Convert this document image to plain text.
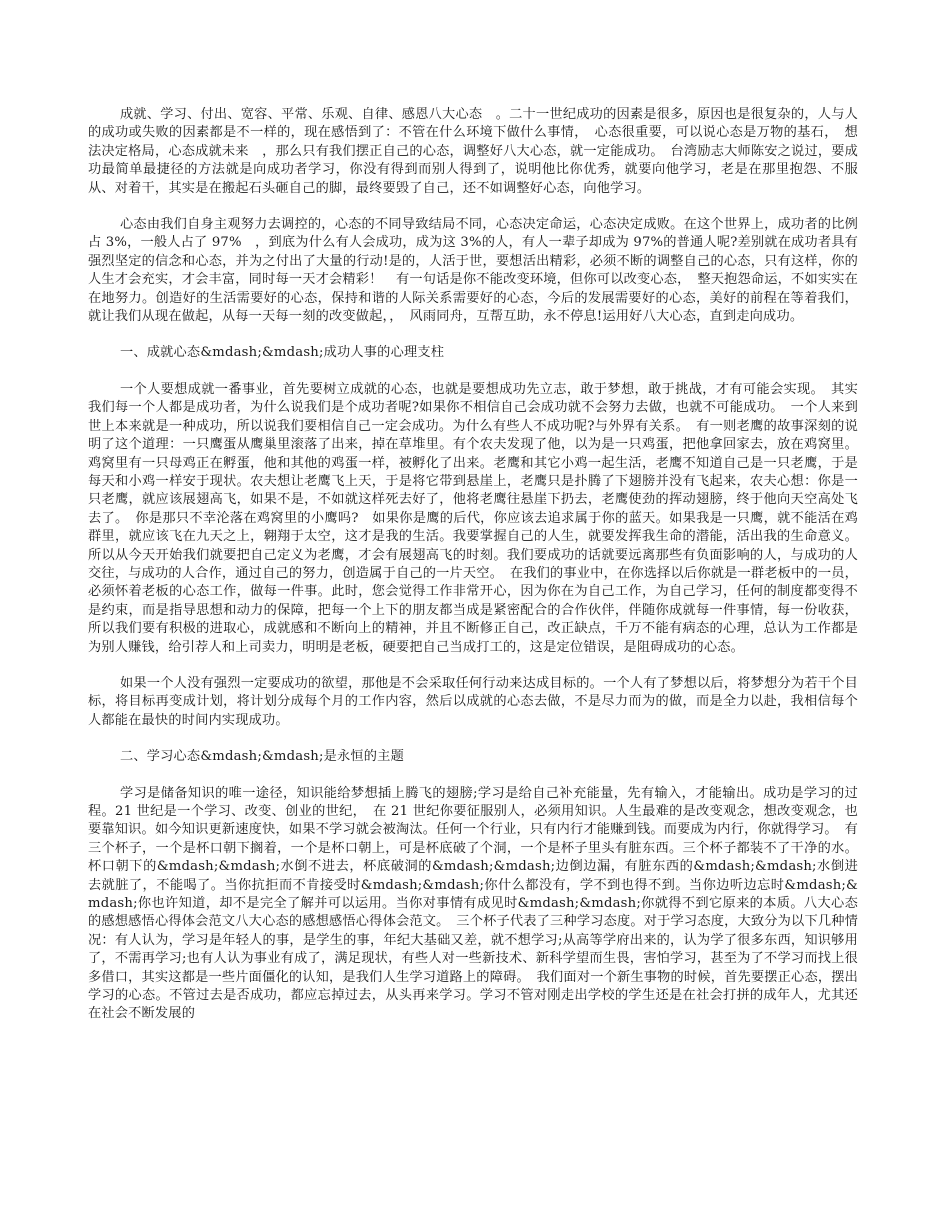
成就、学习、付出、宽容、平常、乐观、自律、感恩八大心态　。二十一世纪成功的因素是很多，原因也是很复杂的，人与人的成功或失败的因素都是不一样的，现在感悟到了：不管在什么环境下做什么事情，　心态很重要，可以说心态是万物的基石，　想法决定格局，心态成就未来　，那么只有我们摆正自己的心态，调整好八大心态，就一定能成功。　台湾励志大师陈安之说过，要成功最简单最捷径的方法就是向成功者学习，你没有得到而别人得到了，说明他比你优秀，就要向他学习，老是在那里抱怨、不服从、对着干，其实是在搬起石头砸自己的脚，最终要毁了自己，还不如调整好心态，向他学习。

心态由我们自身主观努力去调控的，心态的不同导致结局不同，心态决定命运，心态决定成败。在这个世界上，成功者的比例占 3%，一般人占了 97%　，到底为什么有人会成功，成为这 3%的人，有人一辈子却成为 97%的普通人呢?差别就在成功者具有强烈坚定的信念和心态，并为之付出了大量的行动!是的，人活于世，要想活出精彩，必须不断的调整自己的心态，只有这样，你的人生才会充实，才会丰富，同时每一天才会精彩！　有一句话是你不能改变环境，但你可以改变心态，　整天抱怨命运，不如实实在在地努力。创造好的生活需要好的心态，保持和谐的人际关系需要好的心态，今后的发展需要好的心态，美好的前程在等着我们，就让我们从现在做起，从每一天每一刻的改变做起，，　风雨同舟，互帮互助，永不停息!运用好八大心态，直到走向成功。

一、成就心态&mdash;&mdash;成功人事的心理支柱

一个人要想成就一番事业，首先要树立成就的心态，也就是要想成功先立志，敢于梦想，敢于挑战，才有可能会实现。　其实我们每一个人都是成功者，为什么说我们是个成功者呢?如果你不相信自己会成功就不会努力去做，也就不可能成功。　一个人来到世上本来就是一种成功，所以说我们要相信自己一定会成功。为什么有些人不成功呢?与外界有关系。　有一则老鹰的故事深刻的说明了这个道理：一只鹰蛋从鹰巢里滚落了出来，掉在草堆里。有个农夫发现了他，以为是一只鸡蛋，把他拿回家去，放在鸡窝里。鸡窝里有一只母鸡正在孵蛋，他和其他的鸡蛋一样，被孵化了出来。老鹰和其它小鸡一起生活，老鹰不知道自己是一只老鹰，于是每天和小鸡一样安于现状。农夫想让老鹰飞上天，于是将它带到悬崖上，老鹰只是扑腾了下翅膀并没有飞起来，农夫心想：你是一只老鹰，就应该展翅高飞，如果不是，不如就这样死去好了，他将老鹰往悬崖下扔去，老鹰使劲的挥动翅膀，终于他向天空高处飞去了。　你是那只不幸沦落在鸡窝里的小鹰吗?　如果你是鹰的后代，你应该去追求属于你的蓝天。如果我是一只鹰，就不能活在鸡群里，就应该飞在九天之上，翱翔于太空，这才是我的生活。我要掌握自己的人生，就要发挥我生命的潜能，活出我的生命意义。所以从今天开始我们就要把自己定义为老鹰，才会有展翅高飞的时刻。我们要成功的话就要远离那些有负面影响的人，与成功的人交往，与成功的人合作，通过自己的努力，创造属于自己的一片天空。　在我们的事业中，在你选择以后你就是一群老板中的一员，必须怀着老板的心态工作，做每一件事。此时，您会觉得工作非常开心，因为你在为自己工作，为自己学习，任何的制度都变得不是约束，而是指导思想和动力的保障，把每一个上下的朋友都当成是紧密配合的合作伙伴，伴随你成就每一件事情，每一份收获，所以我们要有积极的进取心，成就感和不断向上的精神，并且不断修正自己，改正缺点，千万不能有病态的心理，总认为工作都是为别人赚钱，给引荐人和上司卖力，明明是老板，硬要把自己当成打工的，这是定位错误，是阻碍成功的心态。

如果一个人没有强烈一定要成功的欲望，那他是不会采取任何行动来达成目标的。一个人有了梦想以后，将梦想分为若干个目标，将目标再变成计划，将计划分成每个月的工作内容，然后以成就的心态去做，不是尽力而为的做，而是全力以赴，我相信每个人都能在最快的时间内实现成功。

二、学习心态&mdash;&mdash;是永恒的主题

学习是储备知识的唯一途径，知识能给梦想插上腾飞的翅膀;学习是给自己补充能量，先有输入，才能输出。成功是学习的过程。21 世纪是一个学习、改变、创业的世纪，　在 21 世纪你要征服别人，必须用知识。人生最难的是改变观念，想改变观念，也要靠知识。如今知识更新速度快，如果不学习就会被淘汰。任何一个行业，只有内行才能赚到钱。而要成为内行，你就得学习。　有三个杯子，一个是杯口朝下搁着，一个是杯口朝上，可是杯底破了个洞，一个是杯子里头有脏东西。三个杯子都装不了干净的水。杯口朝下的&mdash;&mdash;水倒不进去，杯底破洞的&mdash;&mdash;边倒边漏，有脏东西的&mdash;&mdash;水倒进去就脏了，不能喝了。当你抗拒而不肯接受时&mdash;&mdash;你什么都没有，学不到也得不到。当你边听边忘时&mdash;&mdash;你也许知道，却不是完全了解并可以运用。当你对事情有成见时&mdash;&mdash;你就得不到它原来的本质。八大心态的感想感悟心得体会范文八大心态的感想感悟心得体会范文。　三个杯子代表了三种学习态度。对于学习态度，大致分为以下几种情况：有人认为，学习是年轻人的事，是学生的事，年纪大基础又差，就不想学习;从高等学府出来的，认为学了很多东西，知识够用了，不需再学习;也有人认为事业有成了，满足现状，有些人对一些新技术、新科学望而生畏，害怕学习，甚至为了不学习而找上很多借口，其实这都是一些片面僵化的认知，是我们人生学习道路上的障碍。　我们面对一个新生事物的时候，首先要摆正心态，摆出学习的心态。不管过去是否成功，都应忘掉过去，从头再来学习。学习不管对刚走出学校的学生还是在社会打拼的成年人，尤其还在社会不断发展的
